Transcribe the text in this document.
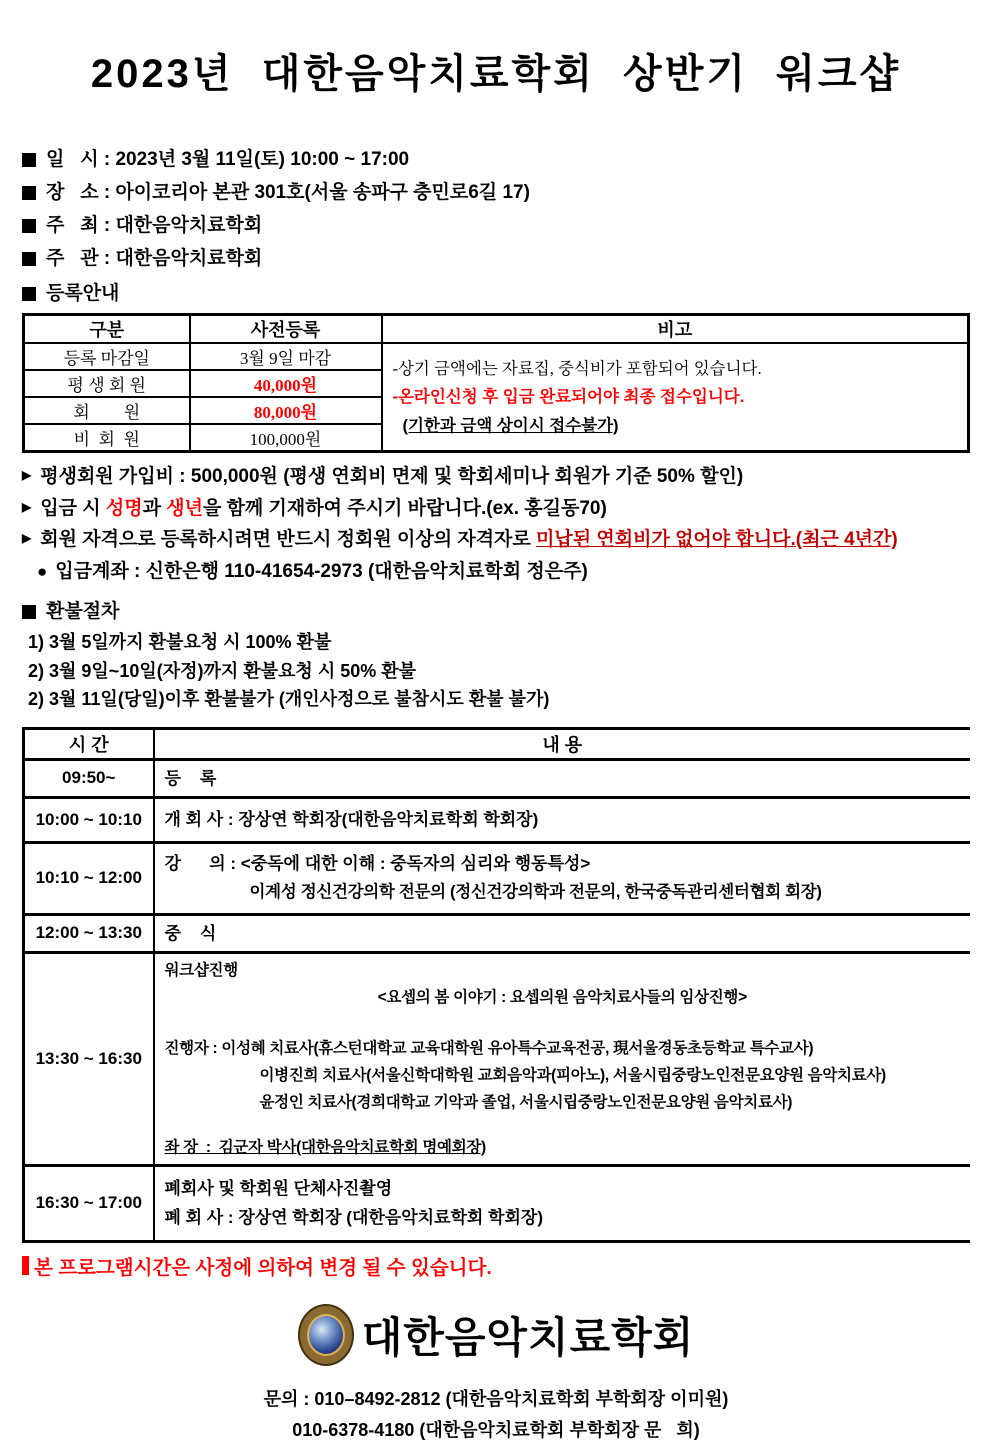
2023년  대한음악치료학회  상반기  워크샵
일   시 : 2023년 3월 11일(토) 10:00 ~ 17:00
장   소 : 아이코리아 본관 301호(서울 송파구 충민로6길 17)
주   최 : 대한음악치료학회
주   관 : 대한음악치료학회
등록안내
구분	사전등록	비고
등록 마감일	3월 9일 마감	-상기 금액에는 자료집, 중식비가 포함되어 있습니다.
-온라인신청 후 입금 완료되어야 최종 접수입니다.
(기한과 금액 상이시 접수불가)

평 생 회 원	40,000원	
회        원	80,000원	
비  회  원	100,000원	
▶ 평생회원 가입비 : 500,000원 (평생 연회비 면제 및 학회세미나 회원가 기준 50% 할인)
▶ 입금 시 성명 과 생년 을 함께 기재하여 주시기 바랍니다.(ex. 홍길동70)
▶ 회원 자격으로 등록하시려면 반드시 정회원 이상의 자격자로 미납된 연회비가 없어야 합니다.(최근 4년간)
● 입금계좌 : 신한은행 110-41654-2973 (대한음악치료학회 정은주)
환불절차
1) 3월 5일까지 환불요청 시 100% 환불
2) 3월 9일~10일(자정)까지 환불요청 시 50% 환불
2) 3월 11일(당일)이후 환불불가 (개인사정으로 불참시도 환불 불가)
시 간	내 용
09:50~	등    록

10:00 ~ 10:10	개 회 사 : 장상연 학회장(대한음악치료학회 학회장)

10:10 ~ 12:00	강      의 : <중독에 대한 이해 : 중독자의 심리와 행동특성>
이계성 정신건강의학 전문의 (정신건강의학과 전문의, 한국중독관리센터협회 회장)

12:00 ~ 13:30	중    식

13:30 ~ 16:30	
워크샵진행
<요셉의 봄 이야기 : 요셉의원 음악치료사들의 임상진행>
진행자 : 이성혜 치료사(휴스턴대학교 교육대학원 유아특수교육전공, 現서울경동초등학교 특수교사)
이병진희 치료사(서울신학대학원 교회음악과(피아노), 서울시립중랑노인전문요양원 음악치료사)
윤정인 치료사(경희대학교 기악과 졸업, 서울시립중랑노인전문요양원 음악치료사)
좌 장  :  김군자 박사(대한음악치료학회 명예회장)

16:30 ~ 17:00	폐회사 및 학회원 단체사진촬영
폐 회 사 : 장상연 학회장 (대한음악치료학회 학회장)
본 프로그램시간은 사정에 의하여 변경 될 수 있습니다.
대한음악치료학회
문의 : 010–8492-2812 (대한음악치료학회 부학회장 이미원)
010-6378-4180 (대한음악치료학회 부학회장 문   희)
